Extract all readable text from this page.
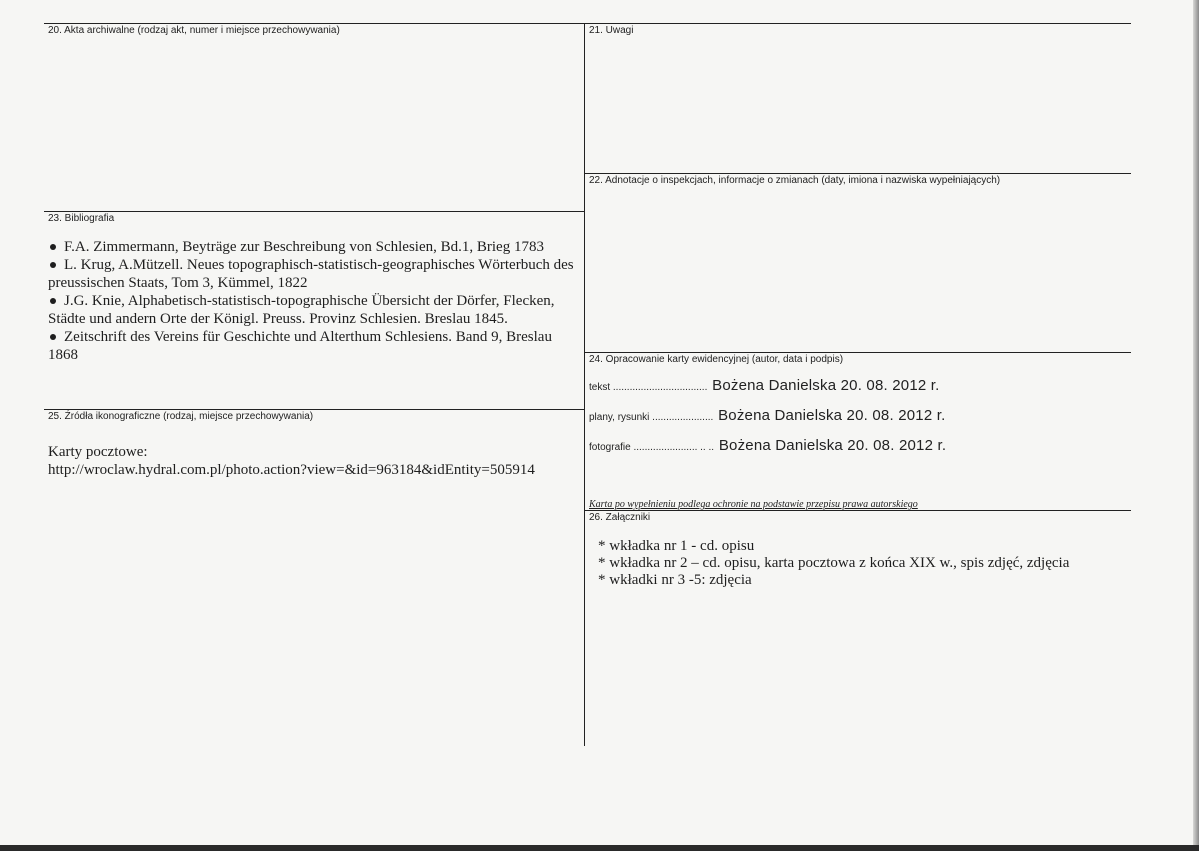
20. Akta archiwalne (rodzaj akt, numer i miejsce przechowywania)	21. Uwagi
22. Adnotacje o inspekcjach, informacje o zmianach (daty, imiona i nazwiska wypełniających)
23. Bibliografia
24. Opracowanie karty ewidencyjnej (autor, data i podpis)
25. Źródła ikonograficzne (rodzaj, miejsce przechowywania)
26. Załączniki

F.A. Zimmermann, Beyträge zur Beschreibung von Schlesien, Bd.1, Brieg 1783

L. Krug, A.Mützell. Neues topographisch-statistisch-geographisches Wörterbuch des preussischen Staats, Tom 3, Kümmel, 1822

J.G. Knie, Alphabetisch-statistisch-topographische Übersicht der Dörfer, Flecken, Städte und andern Orte der Königl. Preuss. Provinz Schlesien. Breslau 1845.

Zeitschrift des Vereins für Geschichte und Alterthum Schlesiens. Band 9, Breslau 1868

tekst .................................. Bożena Danielska 20. 08. 2012 r.
plany, rysunki ...................... Bożena Danielska 20. 08. 2012 r.
fotografie ....................... .. .. Bożena Danielska 20. 08. 2012 r.
Karta po wypełnieniu podlega ochronie na podstawie przepisu prawa autorskiego

Karty pocztowe:

http://wroclaw.hydral.com.pl/photo.action?view=&id=963184&idEntity=505914

* wkładka nr 1 - cd. opisu

* wkładka nr 2 – cd. opisu, karta pocztowa z końca XIX w., spis zdjęć, zdjęcia

* wkładki nr 3 -5: zdjęcia
